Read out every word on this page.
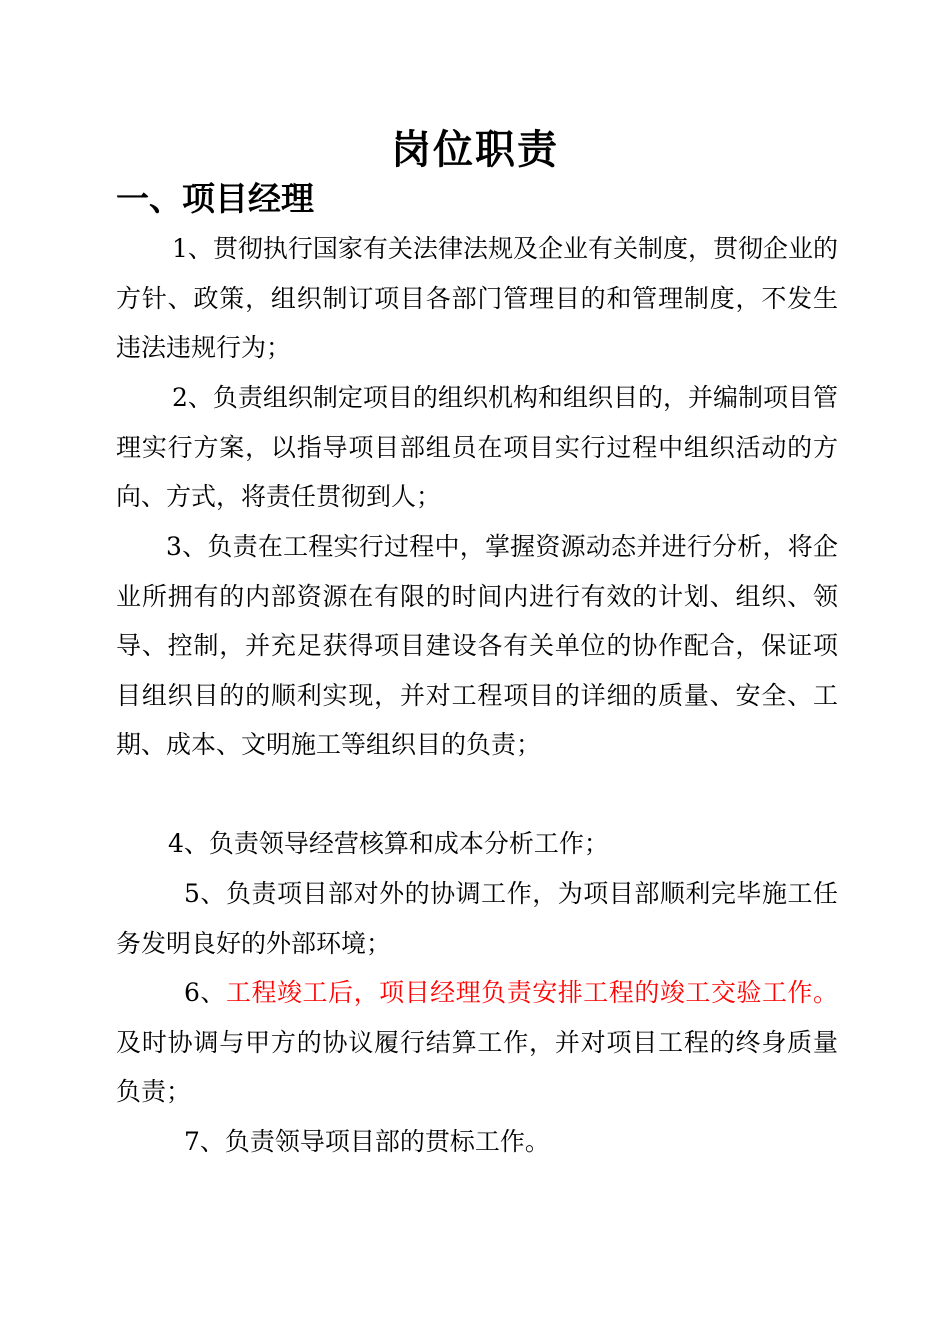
岗位职责
一、项目经理
1、贯彻执行国家有关法律法规及企业有关制度，贯彻企业的方针、政策，组织制订项目各部门管理目的和管理制度，不发生违法违规行为；
2、负责组织制定项目的组织机构和组织目的，并编制项目管理实行方案，以指导项目部组员在项目实行过程中组织活动的方向、方式，将责任贯彻到人；
3、负责在工程实行过程中，掌握资源动态并进行分析，将企业所拥有的内部资源在有限的时间内进行有效的计划、组织、领导、控制，并充足获得项目建设各有关单位的协作配合，保证项目组织目的的顺利实现，并对工程项目的详细的质量、安全、工期、成本、文明施工等组织目的负责；
4、负责领导经营核算和成本分析工作；
5、负责项目部对外的协调工作，为项目部顺利完毕施工任务发明良好的外部环境；
6、工程竣工后，项目经理负责安排工程的竣工交验工作。及时协调与甲方的协议履行结算工作，并对项目工程的终身质量负责；
7、负责领导项目部的贯标工作。
